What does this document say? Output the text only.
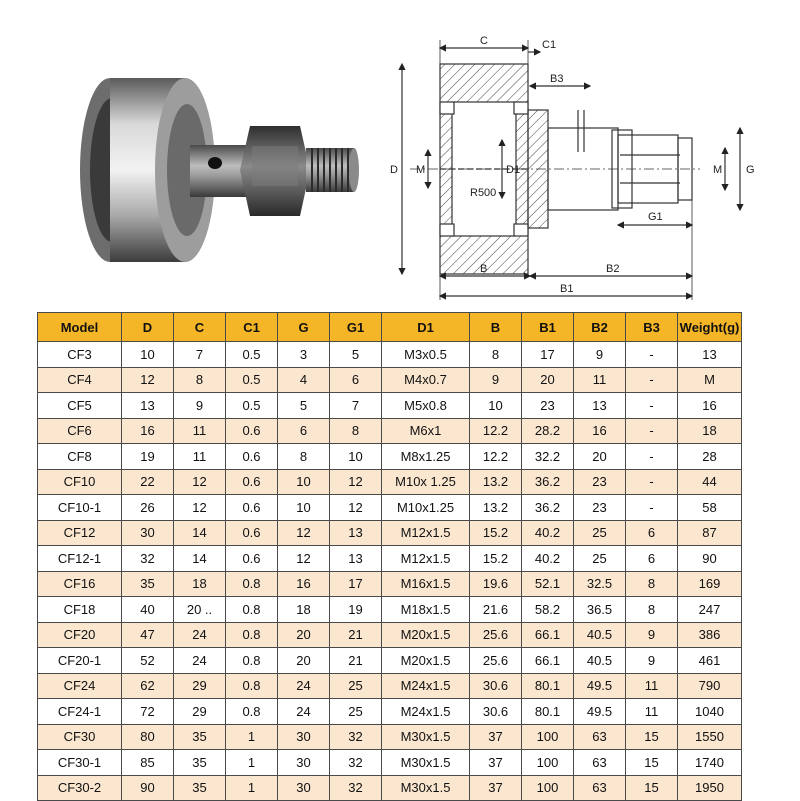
C	C1
B3
D M	D1
R500
M G
G1
B	B2
B1
Model	D	C	C1	G	G1	D1	B	B1	B2	B3	Weight(g)
CF3	10	7	0.5	3	5	M3x0.5	8	17	9	-	13
CF4	12	8	0.5	4	6	M4x0.7	9	20	11	-	M
CF5	13	9	0.5	5	7	M5x0.8	10	23	13	-	16
CF6	16	11	0.6	6	8	M6x1	12.2	28.2	16	-	18
CF8	19	11	0.6	8	10	M8x1.25	12.2	32.2	20	-	28
CF10	22	12	0.6	10	12	M10x 1.25	13.2	36.2	23	-	44
CF10-1	26	12	0.6	10	12	M10x1.25	13.2	36.2	23	-	58
CF12	30	14	0.6	12	13	M12x1.5	15.2	40.2	25	6	87
CF12-1	32	14	0.6	12	13	M12x1.5	15.2	40.2	25	6	90
CF16	35	18	0.8	16	17	M16x1.5	19.6	52.1	32.5	8	169
CF18	40	20 ..	0.8	18	19	M18x1.5	21.6	58.2	36.5	8	247
CF20	47	24	0.8	20	21	M20x1.5	25.6	66.1	40.5	9	386
CF20-1	52	24	0.8	20	21	M20x1.5	25.6	66.1	40.5	9	461
CF24	62	29	0.8	24	25	M24x1.5	30.6	80.1	49.5	11	790
CF24-1	72	29	0.8	24	25	M24x1.5	30.6	80.1	49.5	11	1040
CF30	80	35	1	30	32	M30x1.5	37	100	63	15	1550
CF30-1	85	35	1	30	32	M30x1.5	37	100	63	15	1740
CF30-2	90	35	1	30	32	M30x1.5	37	100	63	15	1950
